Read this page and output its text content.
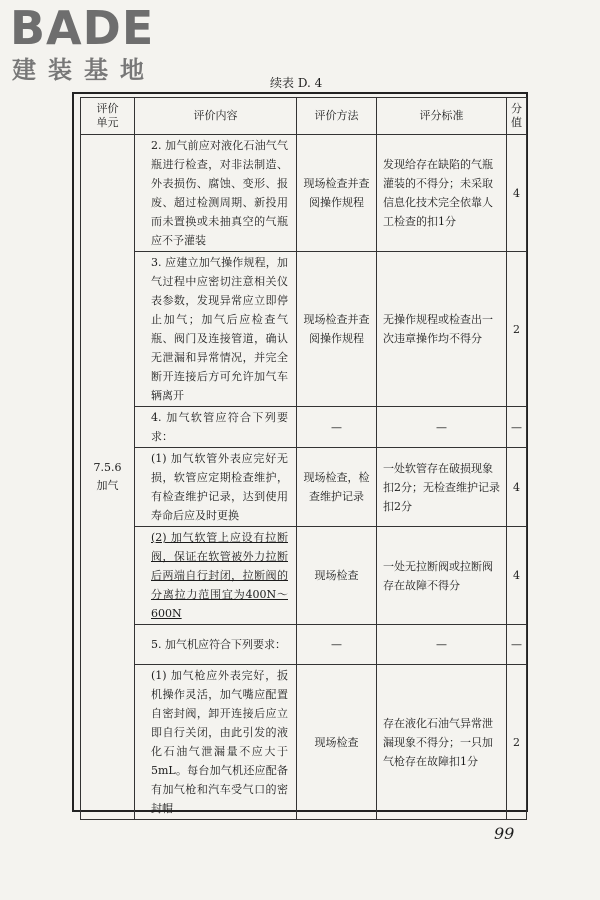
BADE
建装基地	续表 D. 4
评价
单元	评价内容	评价方法	评分标准	分
值
7.5.6
加气	2. 加气前应对液化石油气气瓶进行检查，对非法制造、外表损伤、腐蚀、变形、报废、超过检测周期、新投用而未置换或未抽真空的气瓶应不予灌装	现场检查并查阅操作规程	发现给存在缺陷的气瓶灌装的不得分；未采取信息化技术完全依靠人工检查的扣1分	4
	3. 应建立加气操作规程，加气过程中应密切注意相关仪表参数，发现异常应立即停止加气；加气后应检查气瓶、阀门及连接管道，确认无泄漏和异常情况，并完全断开连接后方可允许加气车辆离开	现场检查并查阅操作规程	无操作规程或检查出一次违章操作均不得分	2
	4. 加气软管应符合下列要求：	—	—	—
	(1) 加气软管外表应完好无损，软管应定期检查维护，有检查维护记录，达到使用寿命后应及时更换	现场检查，检查维护记录	一处软管存在破损现象扣2分；无检查维护记录扣2分	4
	(2) 加气软管上应设有拉断阀，保证在软管被外力拉断后两端自行封闭，拉断阀的分离拉力范围宜为400N～600N	现场检查	一处无拉断阀或拉断阀存在故障不得分	4
	5. 加气机应符合下列要求：	—	—	—
	(1) 加气枪应外表完好，扳机操作灵活，加气嘴应配置自密封阀，卸开连接后应立即自行关闭，由此引发的液化石油气泄漏量不应大于5mL。每台加气机还应配备有加气枪和汽车受气口的密封帽	现场检查	存在液化石油气异常泄漏现象不得分；一只加气枪存在故障扣1分	2
99
